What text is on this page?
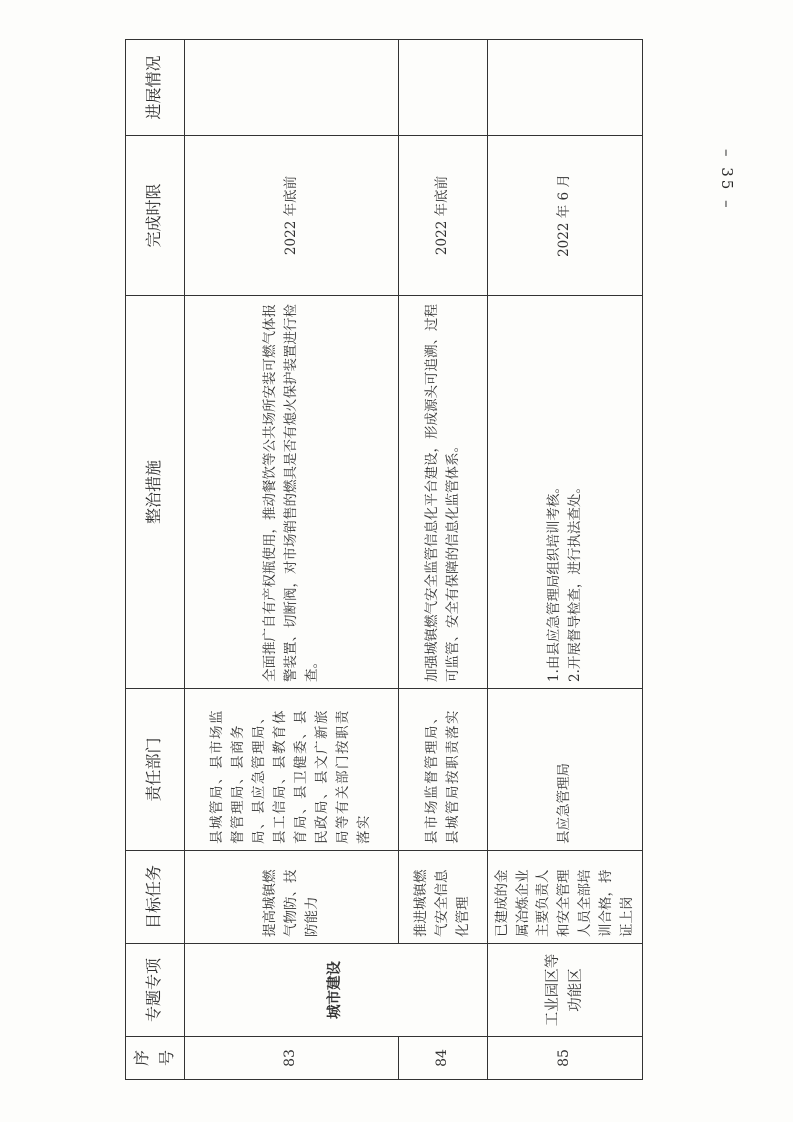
– 35 –
序号	专题专项	目标任务	责任部门	整治措施	完成时限	进展情况
83	城市建设	提高城镇燃气物防、技防能力	县城管局、县市场监督管理局、县商务局、县应急管理局、县工信局、县教育体育局、县卫健委、县民政局、县文广新旅局等有关部门按职责落实	全面推广自有产权瓶使用，推动餐饮等公共场所安装可燃气体报警装置、切断阀，对市场销售的燃具是否有熄火保护装置进行检查。	2022 年底前	
84		推进城镇燃气安全信息化管理	县市场监督管理局、县城管局按职责落实	加强城镇燃气安全监管信息化平台建设，形成源头可追溯、过程可监管、安全有保障的信息化监管体系。	2022 年底前	
85	工业园区等功能区	已建成的金属冶炼企业主要负责人和安全管理人员全部培训合格，持证上岗	县应急管理局	1.由县应急管理局组织培训考核。 2.开展督导检查，进行执法查处。	2022 年 6 月	
